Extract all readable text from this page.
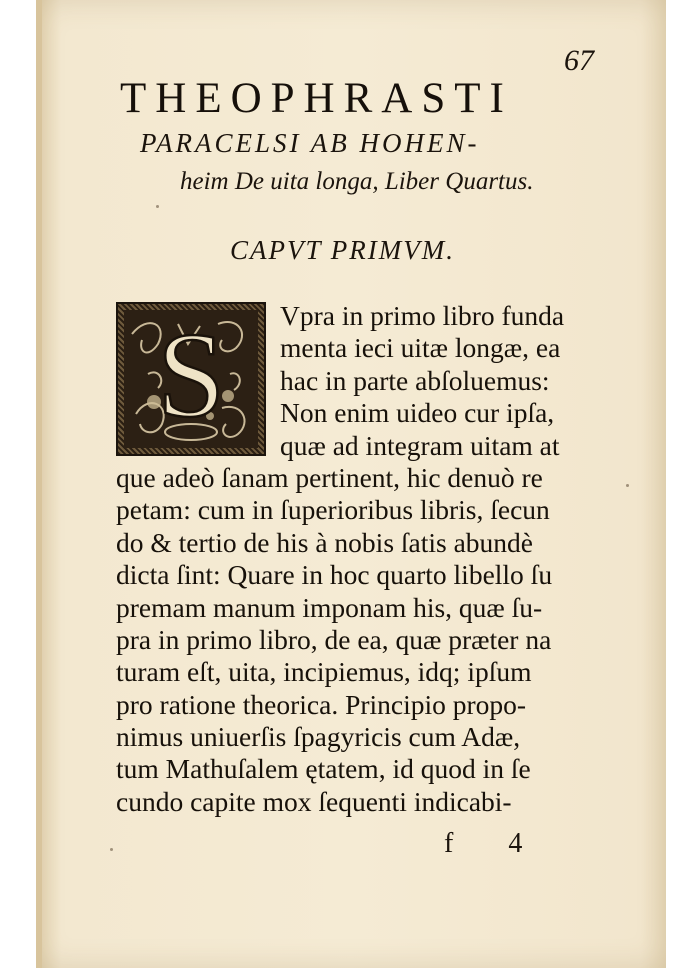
67
THEOPHRASTI
PARACELSI AB HOHEN-
heim De uita longa, Liber Quartus.
CAPVT PRIMVM.
S	Vpra in primo libro funda
menta ieci uitæ longæ, ea
hac in parte abſoluemus:
Non enim uideo cur ipſa,
quæ ad integram uitam at
que adeò ſanam pertinent, hic denuò re
petam: cum in ſuperioribus libris, ſecun
do & tertio de his à nobis ſatis abundè
dicta ſint: Quare in hoc quarto libello ſu
premam manum imponam his, quæ ſu-
pra in primo libro, de ea, quæ præter na
turam eſt, uita, incipiemus, idq; ipſum
pro ratione theorica. Principio propo-
nimus uniuerſis ſpagyricis cum Adæ,
tum Mathuſalem ętatem, id quod in ſe
cundo capite mox ſequenti indicabi-
f 4
